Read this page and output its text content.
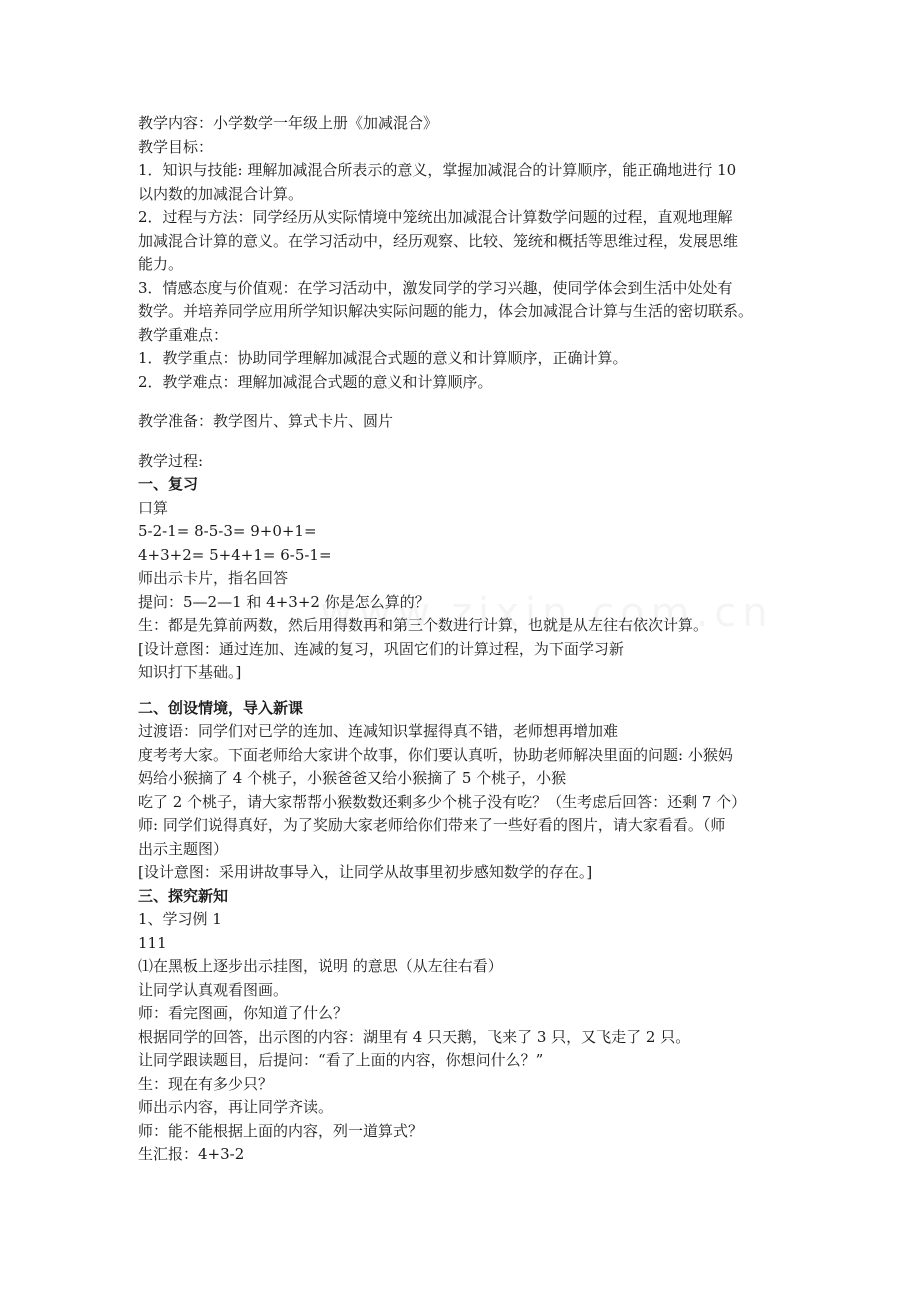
教学内容：小学数学一年级上册《加减混合》

教学目标：

1．知识与技能: 理解加减混合所表示的意义，掌握加减混合的计算顺序，能正确地进行 10

以内数的加减混合计算。

2．过程与方法：同学经历从实际情境中笼统出加减混合计算数学问题的过程，直观地理解

加减混合计算的意义。在学习活动中，经历观察、比较、笼统和概括等思维过程，发展思维

能力。

3．情感态度与价值观：在学习活动中，激发同学的学习兴趣，使同学体会到生活中处处有

数学。并培养同学应用所学知识解决实际问题的能力，体会加减混合计算与生活的密切联系。

教学重难点：

1．教学重点：协助同学理解加减混合式题的意义和计算顺序，正确计算。

2．教学难点：理解加减混合式题的意义和计算顺序。

教学准备：教学图片、算式卡片、圆片

教学过程:

一、复习

口算

5-2-1= 8-5-3= 9+0+1=

4+3+2= 5+4+1= 6-5-1=

师出示卡片，指名回答

提问：5—2—1 和 4+3+2 你是怎么算的？

生：都是先算前两数，然后用得数再和第三个数进行计算，也就是从左往右依次计算。

[设计意图：通过连加、连减的复习，巩固它们的计算过程，为下面学习新

知识打下基础。]

二、创设情境，导入新课

过渡语：同学们对已学的连加、连减知识掌握得真不错，老师想再增加难

度考考大家。下面老师给大家讲个故事，你们要认真听，协助老师解决里面的问题: 小猴妈

妈给小猴摘了 4 个桃子，小猴爸爸又给小猴摘了 5 个桃子，小猴

吃了 2 个桃子，请大家帮帮小猴数数还剩多少个桃子没有吃？（生考虑后回答：还剩 7 个）

师: 同学们说得真好，为了奖励大家老师给你们带来了一些好看的图片，请大家看看。（师

出示主题图）

[设计意图：采用讲故事导入，让同学从故事里初步感知数学的存在。]

三、探究新知

1、学习例 1

111

⑴在黑板上逐步出示挂图，说明 的意思（从左往右看）

让同学认真观看图画。

师：看完图画，你知道了什么？

根据同学的回答，出示图的内容：湖里有 4 只天鹅，飞来了 3 只，又飞走了 2 只。

让同学跟读题目，后提问：“看了上面的内容，你想问什么？”

生：现在有多少只？

师出示内容，再让同学齐读。

师：能不能根据上面的内容，列一道算式？

生汇报：4+3-2
